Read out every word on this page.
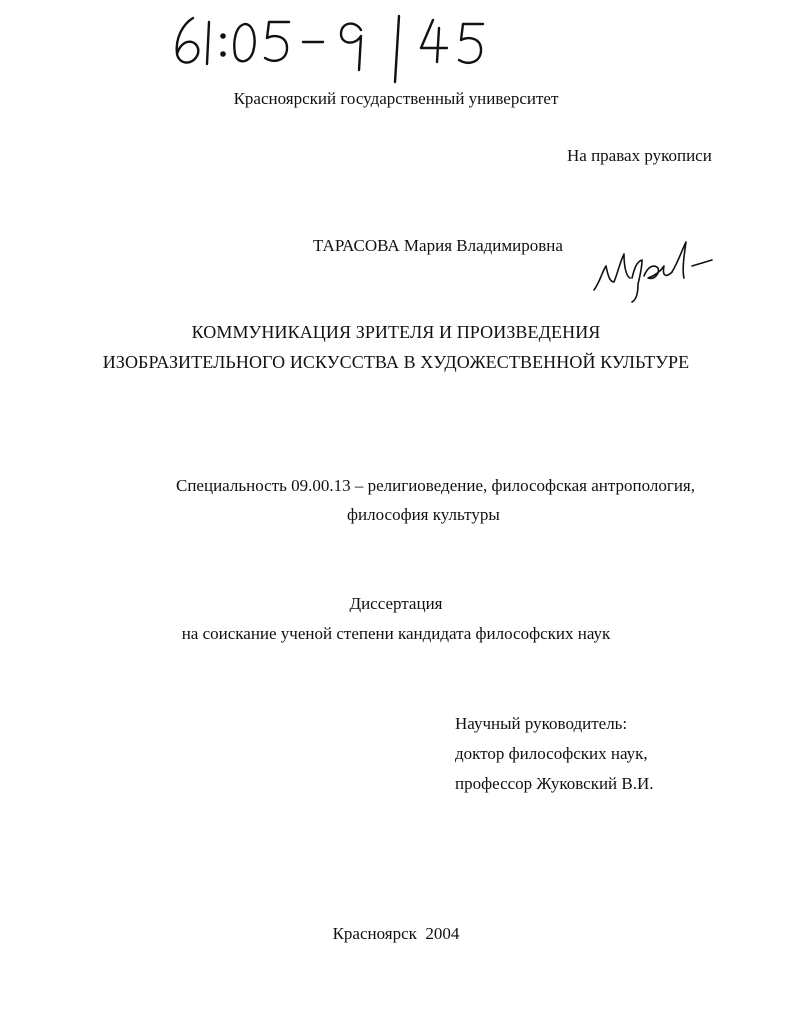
Красноярский государственный университет
На правах рукописи
ТАРАСОВА Мария Владимировна
КОММУНИКАЦИЯ ЗРИТЕЛЯ И ПРОИЗВЕДЕНИЯ
ИЗОБРАЗИТЕЛЬНОГО ИСКУССТВА В ХУДОЖЕСТВЕННОЙ КУЛЬТУРЕ
Специальность 09.00.13 – религиоведение, философская антропология,
философия культуры
Диссертация
на соискание ученой степени кандидата философских наук
Научный руководитель:
доктор философских наук,
профессор Жуковский В.И.
Красноярск  2004
